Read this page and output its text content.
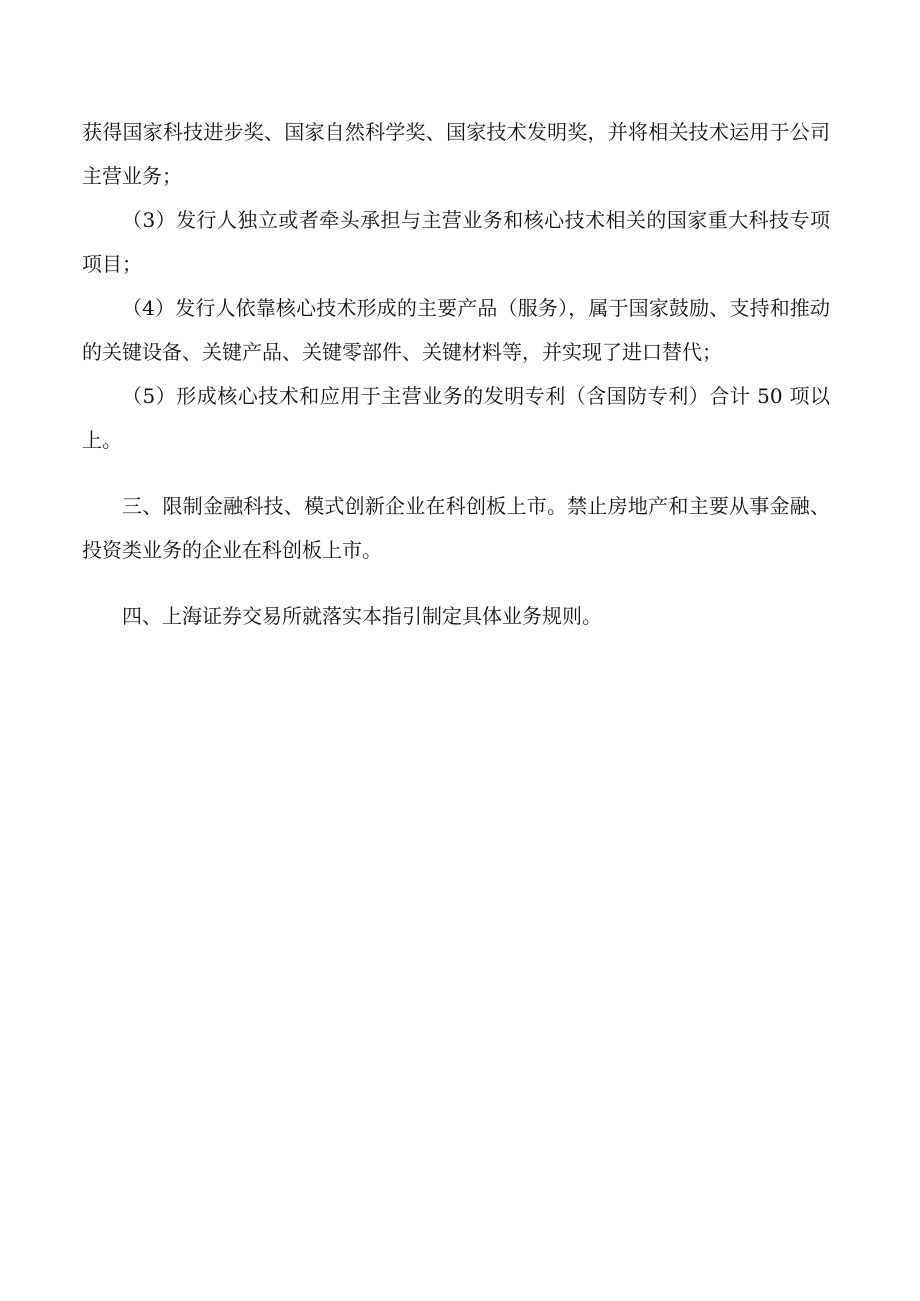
获得国家科技进步奖、国家自然科学奖、国家技术发明奖，并将相关技术运用于公司主营业务；

（3）发行人独立或者牵头承担与主营业务和核心技术相关的国家重大科技专项项目；

（4）发行人依靠核心技术形成的主要产品（服务），属于国家鼓励、支持和推动的关键设备、关键产品、关键零部件、关键材料等，并实现了进口替代；

（5）形成核心技术和应用于主营业务的发明专利（含国防专利）合计 50 项以上。

三、限制金融科技、模式创新企业在科创板上市。禁止房地产和主要从事金融、投资类业务的企业在科创板上市。

四、上海证券交易所就落实本指引制定具体业务规则。
